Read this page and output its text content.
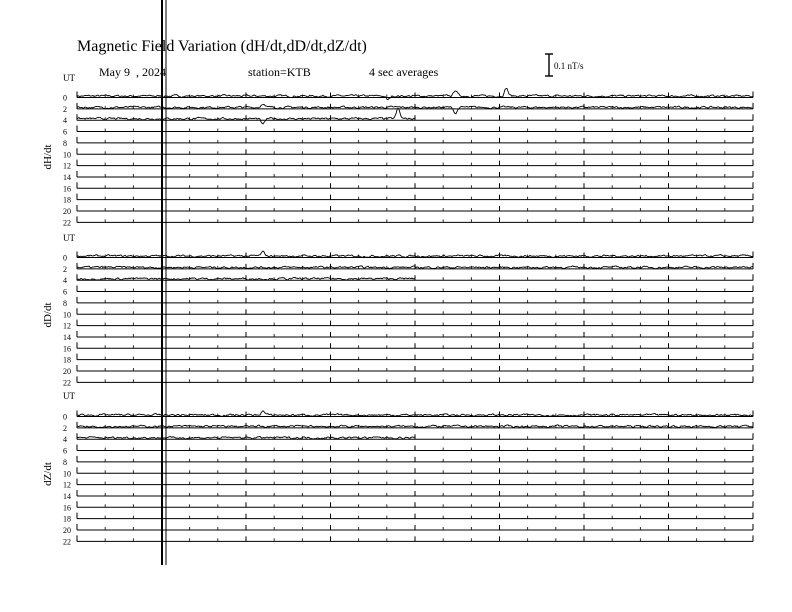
Magnetic Field Variation (dH/dt,dD/dt,dZ/dt)
May 9  , 2024	station=KTB	4 sec averages	0.1 nT/s
UT
dH/dt
0
2
4
6
8
10
12
14
16
18
20
22
UT
dD/dt
0
2
4
6
8
10
12
14
16
18
20
22
UT
dZ/dt
0
2
4
6
8
10
12
14
16
18
20
22
